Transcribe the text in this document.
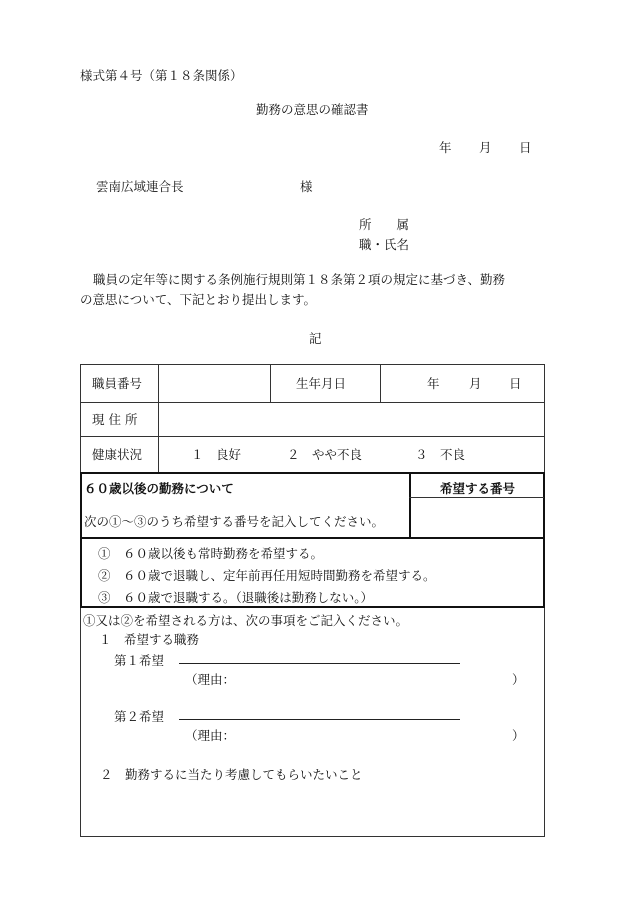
様式第４号（第１８条関係）
勤務の意思の確認書
年 月 日
雲南広域連合長	様
所　　属
職・氏名
職員の定年等に関する条例施行規則第１８条第２項の規定に基づき、勤務
の意思について、下記とおり提出します。
記
職員番号	生年月日	年 月 日
現 住 所
健康状況	１　良好	２　やや不良	３　不良
６０歳以後の勤務について
次の①～③のうち希望する番号を記入してください。
希望する番号
①　６０歳以後も常時勤務を希望する。
②　６０歳で退職し、定年前再任用短時間勤務を希望する。
③　６０歳で退職する。（退職後は勤務しない。）
①又は②を希望される方は、次の事項をご記入ください。
１　希望する職務
第１希望
（理由：	）
第２希望
（理由：	）
２　勤務するに当たり考慮してもらいたいこと
